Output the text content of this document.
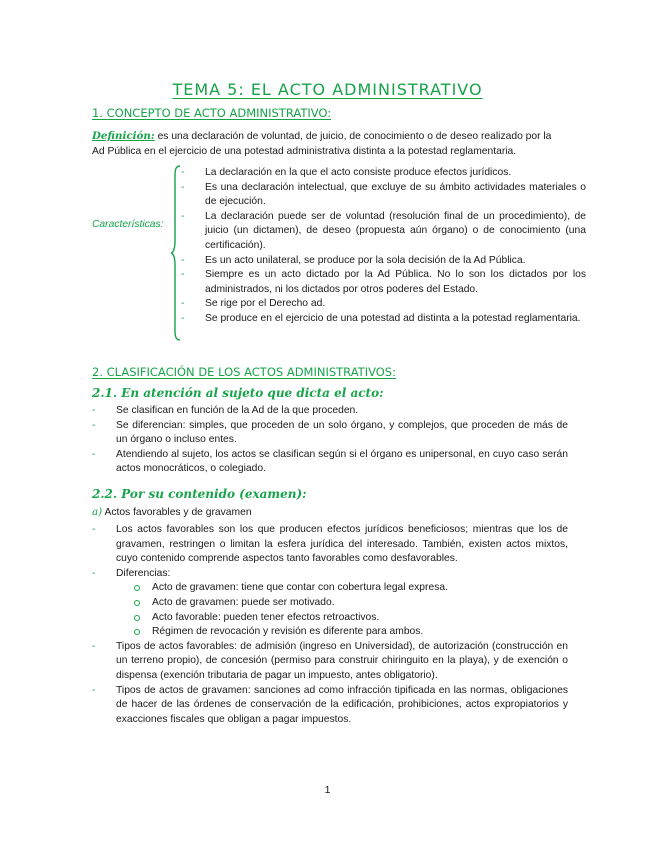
TEMA 5: EL ACTO ADMINISTRATIVO
1. CONCEPTO DE ACTO ADMINISTRATIVO:
Definición: es una declaración de voluntad, de juicio, de conocimiento o de deseo realizado por la
Ad Pública en el ejercicio de una potestad administrativa distinta a la potestad reglamentaria.
Características:
- La declaración en la que el acto consiste produce efectos jurídicos.
- Es una declaración intelectual, que excluye de su ámbito actividades materiales o de ejecución.
- La declaración puede ser de voluntad (resolución final de un procedimiento), de juicio (un dictamen), de deseo (propuesta aún órgano) o de conocimiento (una certificación).
- Es un acto unilateral, se produce por la sola decisión de la Ad Pública.
- Siempre es un acto dictado por la Ad Pública. No lo son los dictados por los administrados, ni los dictados por otros poderes del Estado.
- Se rige por el Derecho ad.
- Se produce en el ejercicio de una potestad ad distinta a la potestad reglamentaria.
2. CLASIFICACIÓN DE LOS ACTOS ADMINISTRATIVOS:
2.1. En atención al sujeto que dicta el acto:
- Se clasifican en función de la Ad de la que proceden.
- Se diferencian: simples, que proceden de un solo órgano, y complejos, que proceden de más de un órgano o incluso entes.
- Atendiendo al sujeto, los actos se clasifican según si el órgano es unipersonal, en cuyo caso serán actos monocráticos, o colegiado.
2.2. Por su contenido (examen):
a) Actos favorables y de gravamen
- Los actos favorables son los que producen efectos jurídicos beneficiosos; mientras que los de gravamen, restringen o limitan la esfera jurídica del interesado. También, existen actos mixtos, cuyo contenido comprende aspectos tanto favorables como desfavorables.
- Diferencias:
Acto de gravamen: tiene que contar con cobertura legal expresa.
Acto de gravamen: puede ser motivado.
Acto favorable: pueden tener efectos retroactivos.
Régimen de revocación y revisión es diferente para ambos.
- Tipos de actos favorables: de admisión (ingreso en Universidad), de autorización (construcción en un terreno propio), de concesión (permiso para construir chiringuito en la playa), y de exención o dispensa (exención tributaria de pagar un impuesto, antes obligatorio).
- Tipos de actos de gravamen: sanciones ad como infracción tipificada en las normas, obligaciones de hacer de las órdenes de conservación de la edificación, prohibiciones, actos expropiatorios y exacciones fiscales que obligan a pagar impuestos.
1
